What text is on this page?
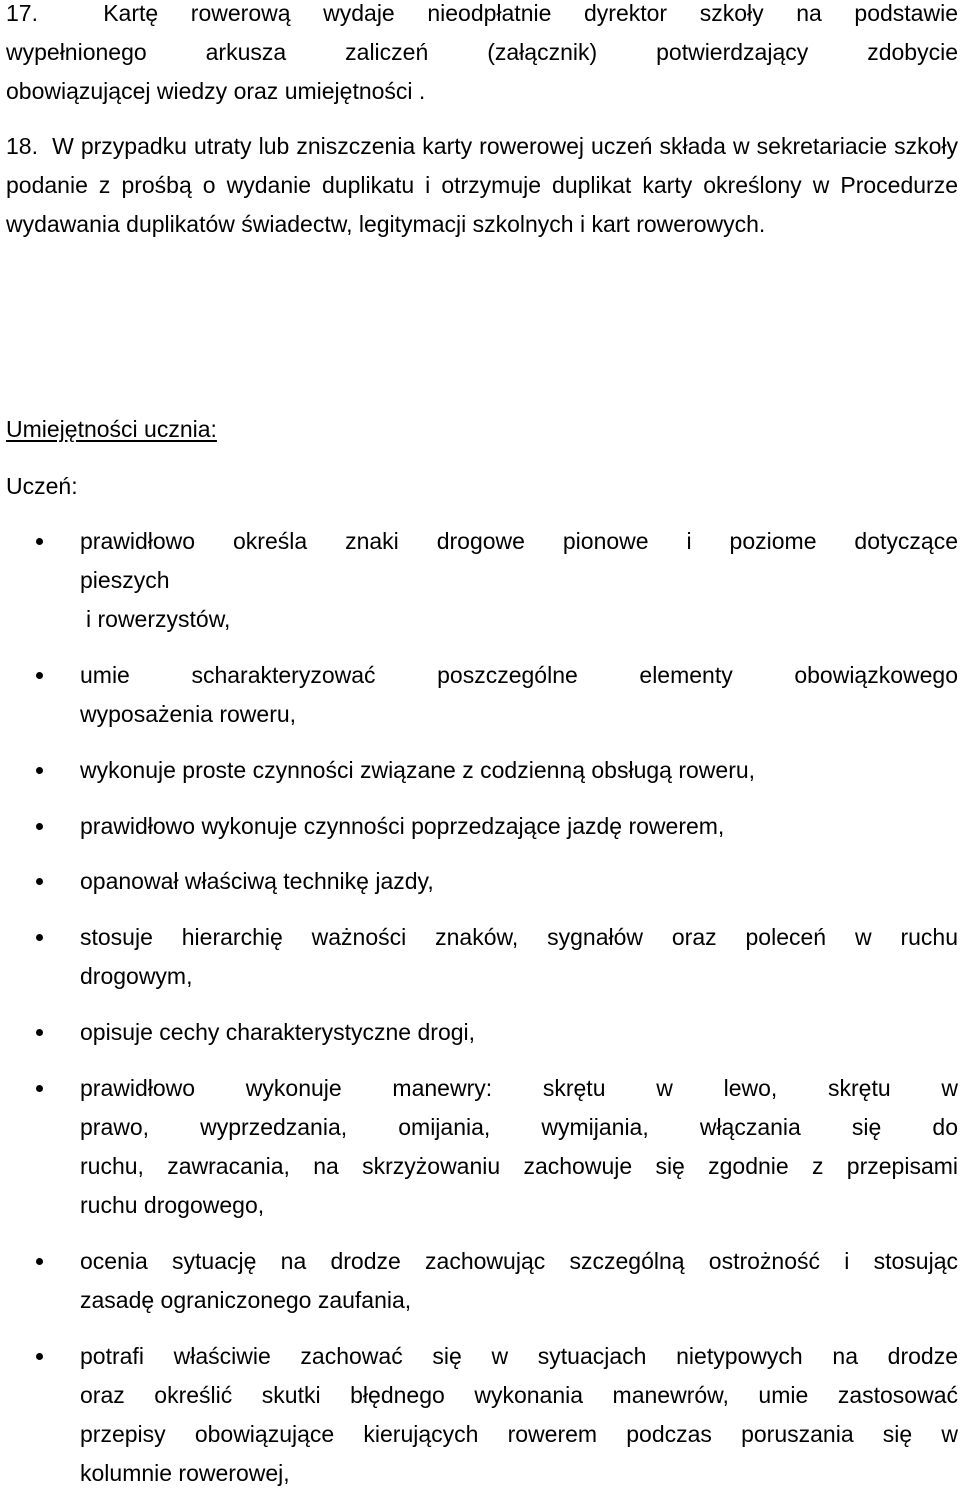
17.	Kartę rowerową wydaje nieodpłatnie dyrektor szkoły na podstawie
wypełnionego arkusza zaliczeń (załącznik) potwierdzający zdobycie
obowiązującej wiedzy oraz umiejętności .
18. W przypadku utraty lub zniszczenia karty rowerowej uczeń składa w sekretariacie szkoły podanie z prośbą o wydanie duplikatu i otrzymuje duplikat karty określony w Procedurze wydawania duplikatów świadectw, legitymacji szkolnych i kart rowerowych.
Umiejętności ucznia:
Uczeń:
prawidłowo określa znaki drogowe pionowe i poziome dotyczące
pieszych
i rowerzystów,
umie scharakteryzować poszczególne elementy obowiązkowego
wyposażenia roweru,
wykonuje proste czynności związane z codzienną obsługą roweru,
prawidłowo wykonuje czynności poprzedzające jazdę rowerem,
opanował właściwą technikę jazdy,
stosuje hierarchię ważności znaków, sygnałów oraz poleceń w ruchu
drogowym,
opisuje cechy charakterystyczne drogi,
prawidłowo wykonuje manewry: skrętu w lewo, skrętu w
prawo, wyprzedzania, omijania, wymijania, włączania się do
ruchu, zawracania, na skrzyżowaniu zachowuje się zgodnie z przepisami
ruchu drogowego,
ocenia sytuację na drodze zachowując szczególną ostrożność i stosując
zasadę ograniczonego zaufania,
potrafi właściwie zachować się w sytuacjach nietypowych na drodze
oraz określić skutki błędnego wykonania manewrów, umie zastosować
przepisy obowiązujące kierujących rowerem podczas poruszania się w
kolumnie rowerowej,
